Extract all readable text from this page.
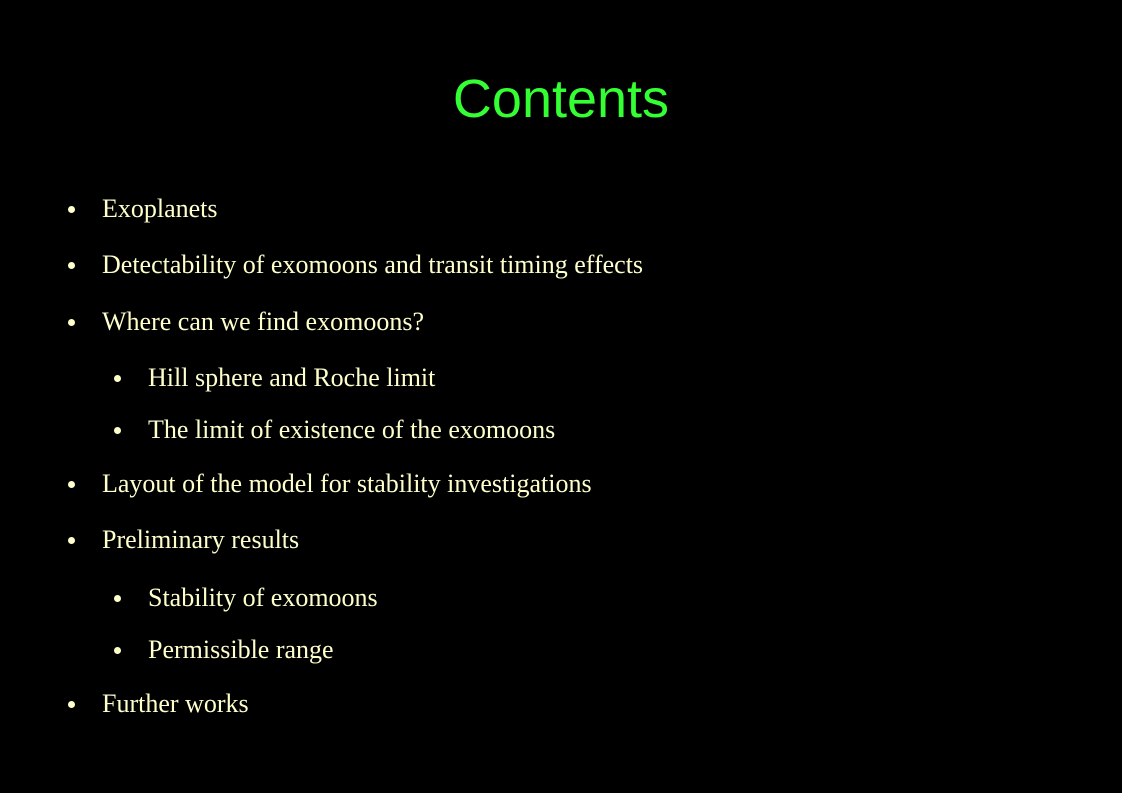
Contents
Exoplanets
Detectability of exomoons and transit timing effects
Where can we find exomoons?
Hill sphere and Roche limit
The limit of existence of the exomoons
Layout of the model for stability investigations
Preliminary results
Stability of exomoons
Permissible range
Further works
